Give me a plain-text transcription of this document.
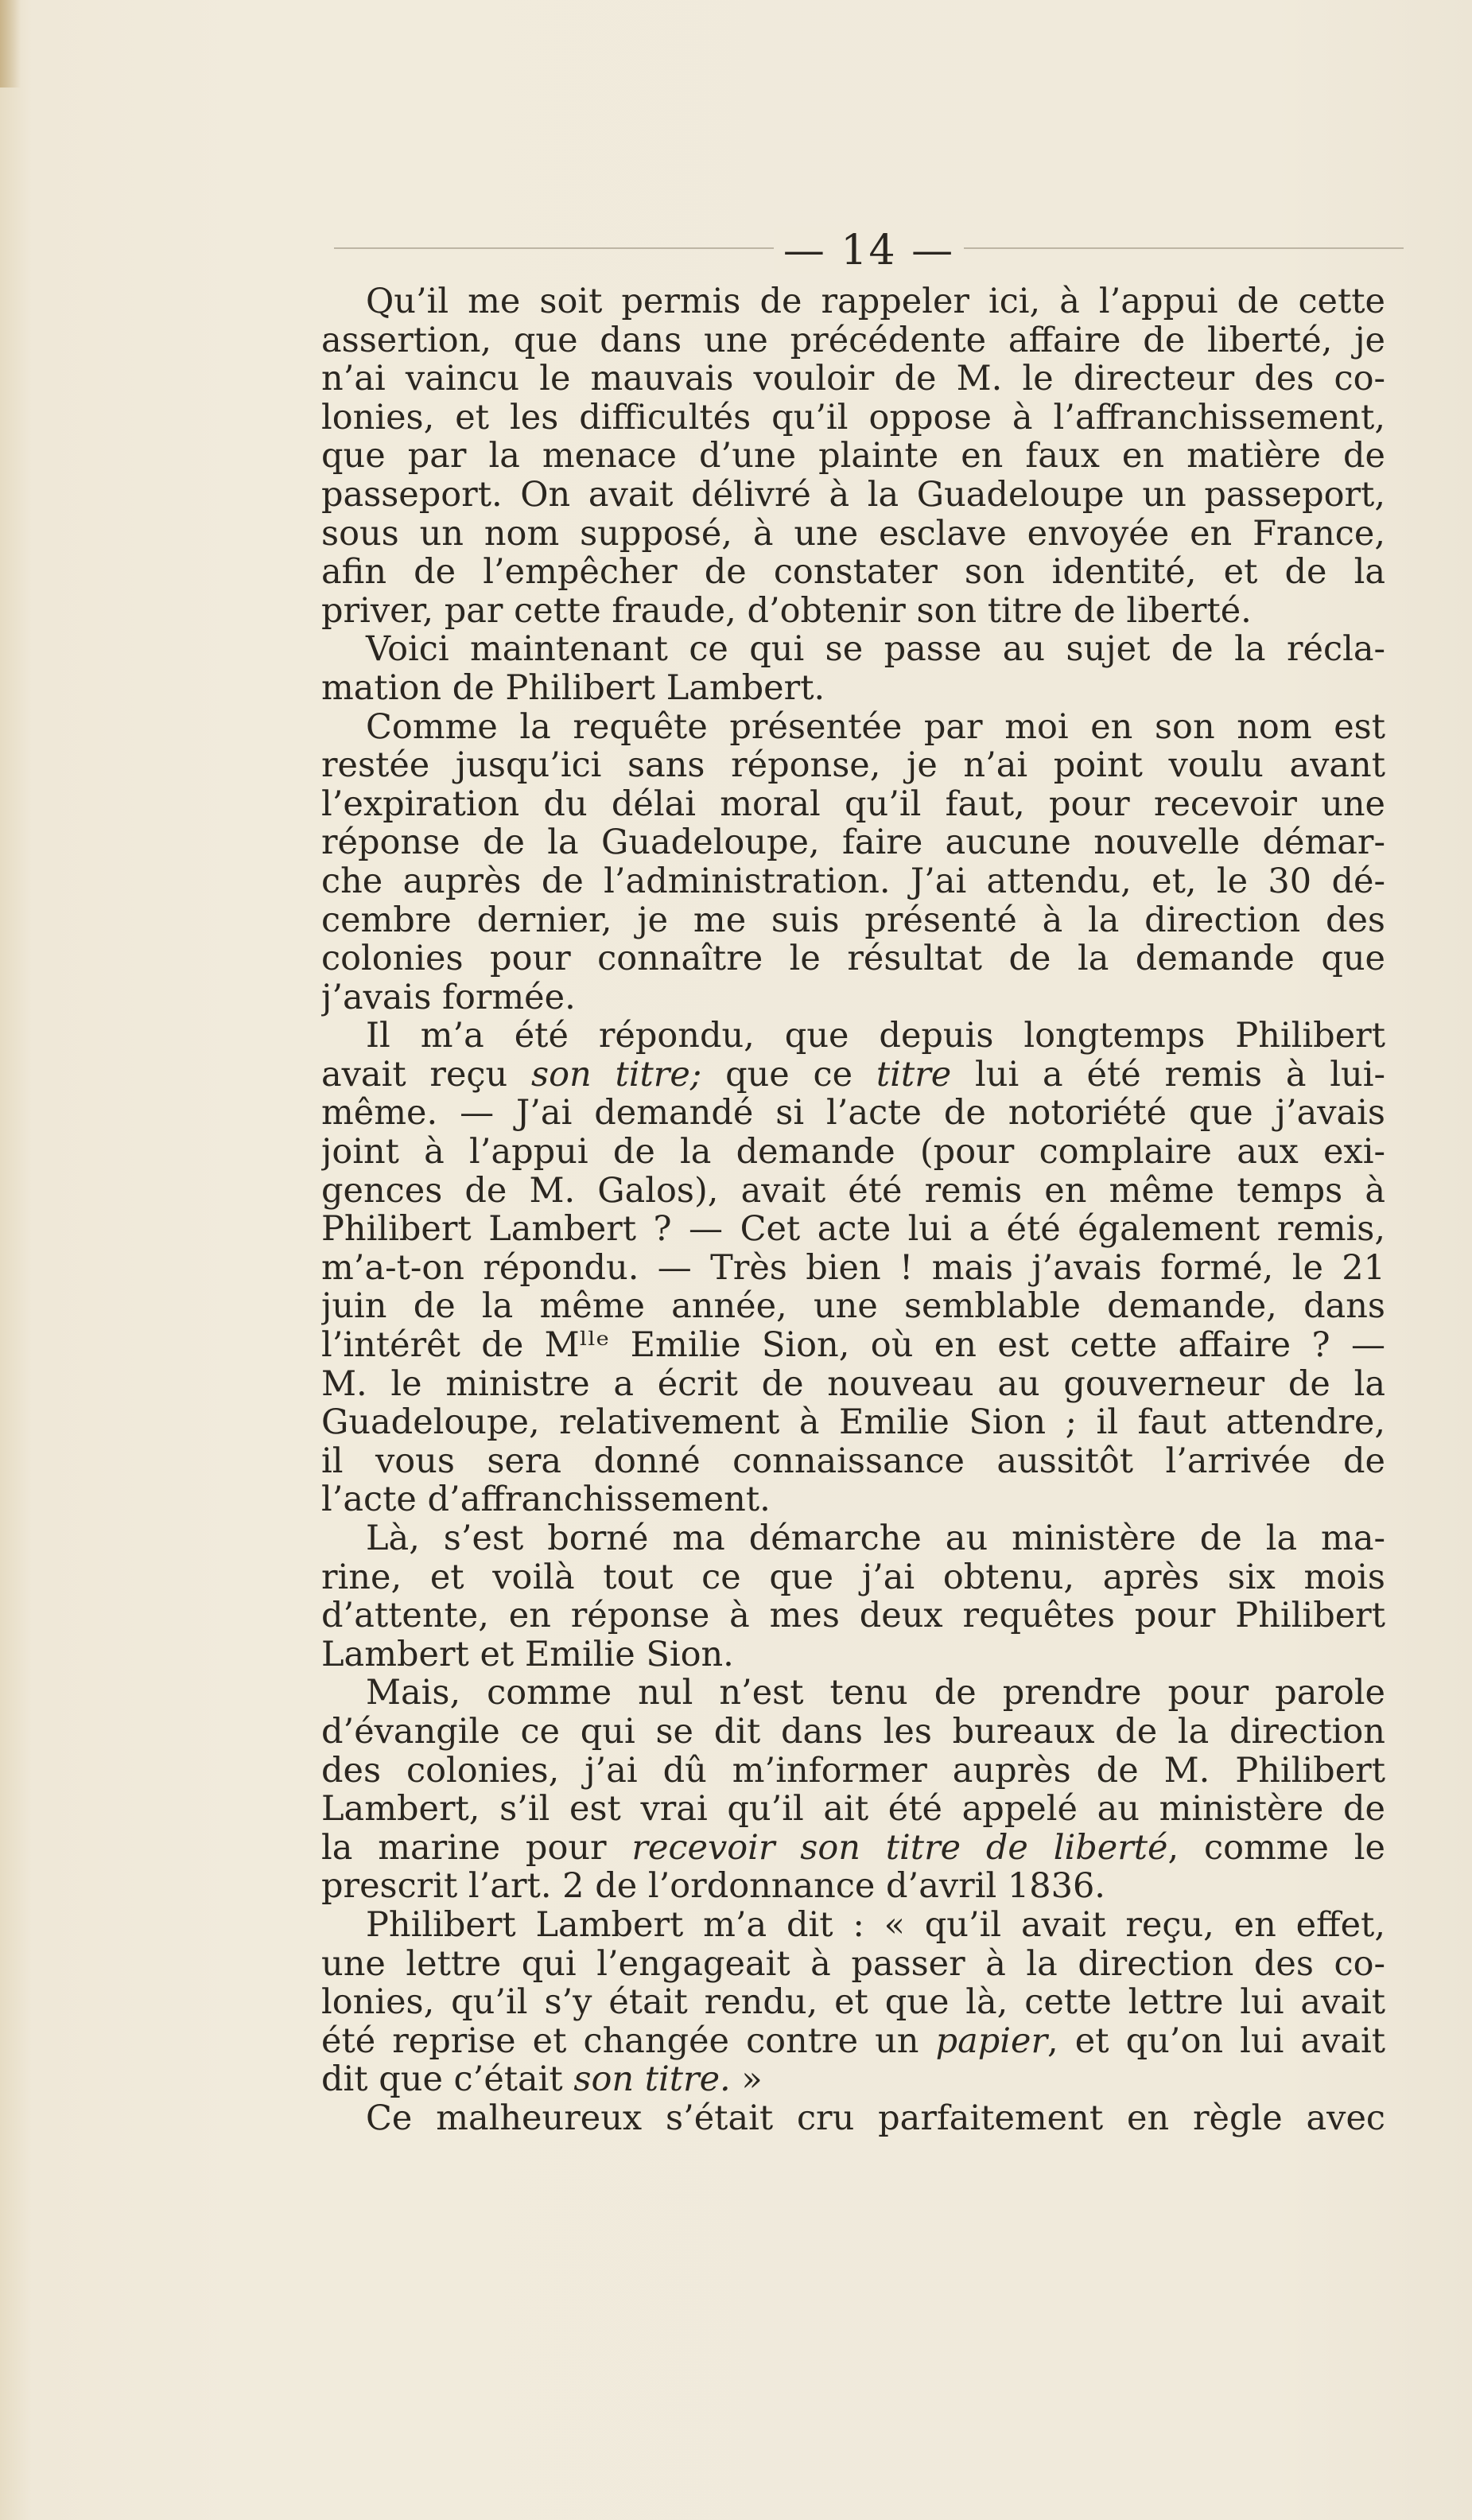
— 14 —
Qu’il me soit permis de rappeler ici, à l’appui de cette
assertion, que dans une précédente affaire de liberté, je
n’ai vaincu le mauvais vouloir de M. le directeur des co-
lonies, et les difficultés qu’il oppose à l’affranchissement,
que par la menace d’une plainte en faux en matière de
passeport. On avait délivré à la Guadeloupe un passeport,
sous un nom supposé, à une esclave envoyée en France,
afin de l’empêcher de constater son identité, et de la
priver, par cette fraude, d’obtenir son titre de liberté.
Voici maintenant ce qui se passe au sujet de la récla-
mation de Philibert Lambert.
Comme la requête présentée par moi en son nom est
restée jusqu’ici sans réponse, je n’ai point voulu avant
l’expiration du délai moral qu’il faut, pour recevoir une
réponse de la Guadeloupe, faire aucune nouvelle démar-
che auprès de l’administration. J’ai attendu, et, le 30 dé-
cembre dernier, je me suis présenté à la direction des
colonies pour connaître le résultat de la demande que
j’avais formée.
Il m’a été répondu, que depuis longtemps Philibert
avait reçu son titre; que ce titre lui a été remis à lui-
même. — J’ai demandé si l’acte de notoriété que j’avais
joint à l’appui de la demande (pour complaire aux exi-
gences de M. Galos), avait été remis en même temps à
Philibert Lambert ? — Cet acte lui a été également remis,
m’a-t-on répondu. — Très bien ! mais j’avais formé, le 21
juin de la même année, une semblable demande, dans
l’intérêt de Mˡˡᵉ Emilie Sion, où en est cette affaire ? —
M. le ministre a écrit de nouveau au gouverneur de la
Guadeloupe, relativement à Emilie Sion ; il faut attendre,
il vous sera donné connaissance aussitôt l’arrivée de
l’acte d’affranchissement.
Là, s’est borné ma démarche au ministère de la ma-
rine, et voilà tout ce que j’ai obtenu, après six mois
d’attente, en réponse à mes deux requêtes pour Philibert
Lambert et Emilie Sion.
Mais, comme nul n’est tenu de prendre pour parole
d’évangile ce qui se dit dans les bureaux de la direction
des colonies, j’ai dû m’informer auprès de M. Philibert
Lambert, s’il est vrai qu’il ait été appelé au ministère de
la marine pour recevoir son titre de liberté, comme le
prescrit l’art. 2 de l’ordonnance d’avril 1836.
Philibert Lambert m’a dit : « qu’il avait reçu, en effet,
une lettre qui l’engageait à passer à la direction des co-
lonies, qu’il s’y était rendu, et que là, cette lettre lui avait
été reprise et changée contre un papier, et qu’on lui avait
dit que c’était son titre. »
Ce malheureux s’était cru parfaitement en règle avec
